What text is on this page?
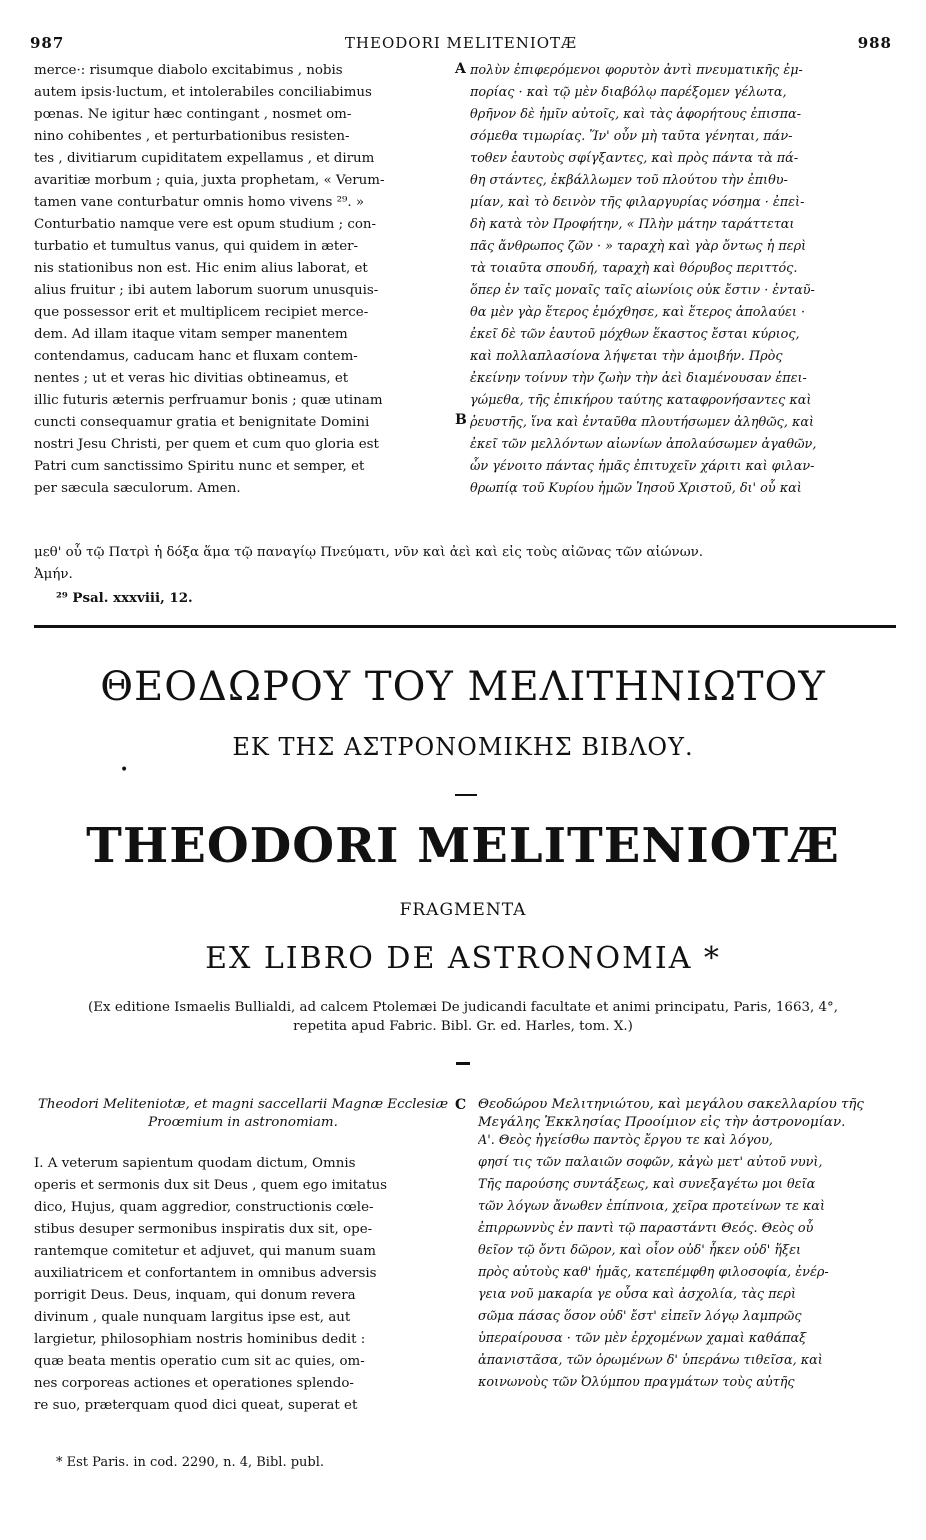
987	THEODORI MELITENIOTÆ	988
merce·: risumque diabolo excitabimus , nobis
autem ipsis·luctum, et intolerabiles conciliabimus
pœnas. Ne igitur hæc contingant , nosmet om-
nino cohibentes , et perturbationibus resisten-
tes , divitiarum cupiditatem expellamus , et dirum
avaritiæ morbum ; quia, juxta prophetam, « Verum-
tamen vane conturbatur omnis homo vivens ²⁹. »
Conturbatio namque vere est opum studium ; con-
turbatio et tumultus vanus, qui quidem in æter-
nis stationibus non est. Hic enim alius laborat, et
alius fruitur ; ibi autem laborum suorum unusquis-
que possessor erit et multiplicem recipiet merce-
dem. Ad illam itaque vitam semper manentem
contendamus, caducam hanc et fluxam contem-
nentes ; ut et veras hic divitias obtineamus, et
illic futuris æternis perfruamur bonis ; quæ utinam
cuncti consequamur gratia et benignitate Domini
nostri Jesu Christi, per quem et cum quo gloria est
Patri cum sanctissimo Spiritu nunc et semper, et
per sæcula sæculorum. Amen.
πολὺν ἐπιφερόμενοι φορυτὸν ἀντὶ πνευματικῆς ἐμ-
πορίας · καὶ τῷ μὲν διαβόλῳ παρέξομεν γέλωτα,
θρῆνον δὲ ἡμῖν αὐτοῖς, καὶ τὰς ἀφορήτους ἐπισπα-
σόμεθα τιμωρίας. Ἵν' οὖν μὴ ταῦτα γένηται, πάν-
τοθεν ἑαυτοὺς σφίγξαντες, καὶ πρὸς πάντα τὰ πά-
θη στάντες, ἐκβάλλωμεν τοῦ πλούτου τὴν ἐπιθυ-
μίαν, καὶ τὸ δεινὸν τῆς φιλαργυρίας νόσημα · ἐπεὶ-
δὴ κατὰ τὸν Προφήτην, « Πλὴν μάτην ταράττεται
πᾶς ἄνθρωπος ζῶν · » ταραχὴ καὶ γὰρ ὄντως ἡ περὶ
τὰ τοιαῦτα σπουδή, ταραχὴ καὶ θόρυβος περιττός.
ὅπερ ἐν ταῖς μοναῖς ταῖς αἰωνίοις οὐκ ἔστιν · ἐνταῦ-
θα μὲν γὰρ ἕτερος ἐμόχθησε, καὶ ἕτερος ἀπολαύει ·
ἐκεῖ δὲ τῶν ἑαυτοῦ μόχθων ἕκαστος ἔσται κύριος,
καὶ πολλαπλασίονα λήψεται τὴν ἀμοιβήν. Πρὸς
ἐκείνην τοίνυν τὴν ζωὴν τὴν ἀεὶ διαμένουσαν ἐπει-
γώμεθα, τῆς ἐπικήρου ταύτης καταφρονήσαντες καὶ
ῥευστῆς, ἵνα καὶ ἐνταῦθα πλουτήσωμεν ἀληθῶς, καὶ
ἐκεῖ τῶν μελλόντων αἰωνίων ἀπολαύσωμεν ἀγαθῶν,
ὧν γένοιτο πάντας ἡμᾶς ἐπιτυχεῖν χάριτι καὶ φιλαν-
θρωπίᾳ τοῦ Κυρίου ἡμῶν Ἰησοῦ Χριστοῦ, δι' οὗ καὶ
A
B
μεθ' οὗ τῷ Πατρὶ ἡ δόξα ἅμα τῷ παναγίῳ Πνεύματι, νῦν καὶ ἀεὶ καὶ εἰς τοὺς αἰῶνας τῶν αἰώνων.
Ἀμήν.
²⁹ Psal. xxxviii, 12.
ΘΕΟΔΩΡΟΥ ΤΟΥ ΜΕΛΙΤΗΝΙΩΤΟΥ
ΕΚ ΤΗΣ ΑΣΤΡΟΝΟΜΙΚΗΣ ΒΙΒΛΟΥ.
•
THEODORI MELITENIOTÆ
FRAGMENTA
EX LIBRO DE ASTRONOMIA *
(Ex editione Ismaelis Bullialdi, ad calcem Ptolemæi De judicandi facultate et animi principatu, Paris, 1663, 4°,
repetita apud Fabric. Bibl. Gr. ed. Harles, tom. X.)
Theodori Meliteniotæ, et magni saccellarii Magnæ Ecclesiæ Proœmium in astronomiam.
C Θεοδώρου Μελιτηνιώτου, καὶ μεγάλου σακελλαρίου τῆς Μεγάλης Ἐκκλησίας Προοίμιον εἰς τὴν ἀστρονομίαν.
I. A veterum sapientum quodam dictum, Omnis
operis et sermonis dux sit Deus , quem ego imitatus
dico, Hujus, quam aggredior, constructionis cœle-
stibus desuper sermonibus inspiratis dux sit, ope-
rantemque comitetur et adjuvet, qui manum suam
auxiliatricem et confortantem in omnibus adversis
porrigit Deus. Deus, inquam, qui donum revera
divinum , quale nunquam largitus ipse est, aut
largietur, philosophiam nostris hominibus dedit :
quæ beata mentis operatio cum sit ac quies, om-
nes corporeas actiones et operationes splendo-
re suo, præterquam quod dici queat, superat et
Α'. Θεὸς ἡγείσθω παντὸς ἔργου τε καὶ λόγου,
φησί τις τῶν παλαιῶν σοφῶν, κἀγὼ μετ' αὐτοῦ νυνὶ,
Τῆς παρούσης συντάξεως, καὶ συνεξαγέτω μοι θεῖα
τῶν λόγων ἄνωθεν ἐπίπνοια, χεῖρα προτείνων τε καὶ
ἐπιρρωννὺς ἐν παντὶ τῷ παραστάντι Θεός. Θεὸς οὗ
θεῖον τῷ ὄντι δῶρον, καὶ οἷον οὐδ' ἧκεν οὐδ' ἥξει
πρὸς αὐτοὺς καθ' ἡμᾶς, κατεπέμφθη φιλοσοφία, ἐνέρ-
γεια νοῦ μακαρία γε οὖσα καὶ ἀσχολία, τὰς περὶ
σῶμα πάσας ὅσον οὐδ' ἔστ' εἰπεῖν λόγῳ λαμπρῶς
ὑπεραίρουσα · τῶν μὲν ἐρχομένων χαμαὶ καθάπαξ
ἀπανιστᾶσα, τῶν ὁρωμένων δ' ὑπεράνω τιθεῖσα, καὶ
κοινωνοὺς τῶν Ὀλύμπου πραγμάτων τοὺς αὐτῆς
* Est Paris. in cod. 2290, n. 4, Bibl. publ.
